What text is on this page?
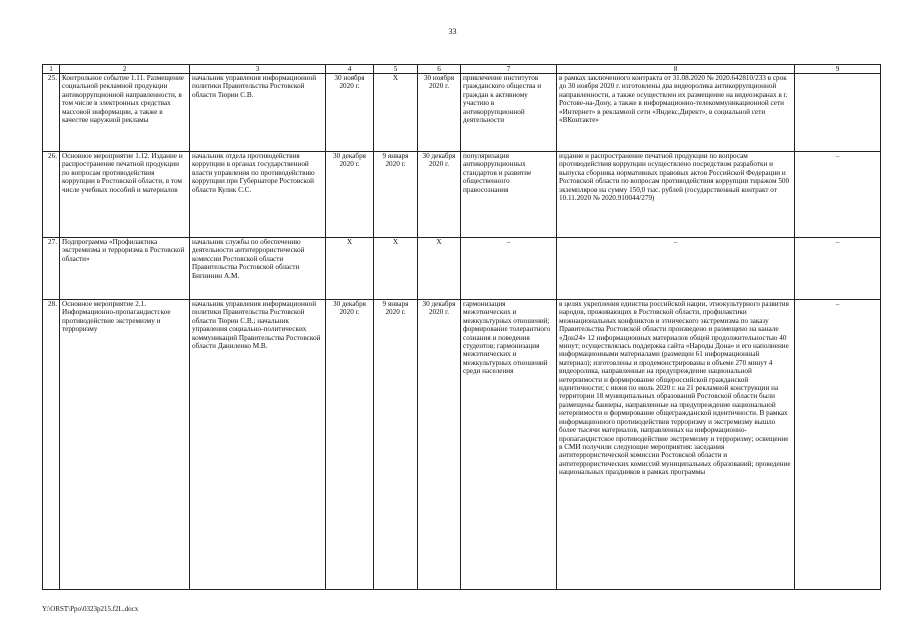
33
1	2	3	4	5	6	7	8	9
25.	Контрольное событие 1.11. Размещение социальной рекламной продукции антикоррупционной направленности, в том числе в электронных средствах массовой информации, а также в качестве наружной рекламы	начальник управления информационной политики Правительства Ростовской области Тюрин С.В.	30 ноября 2020 г.	X	30 ноября 2020 г.	привлечение институтов гражданского общества и граждан к активному участию в антикоррупционной деятельности	в рамках заключенного контракта от 31.08.2020 № 2020.642810/233 в срок до 30 ноября 2020 г. изготовлены два видеоролика антикоррупционной направленности, а также осуществлен их размещение на видеоэкранах в г. Ростове-на-Дону, а также в информационно-телекоммуникационной сети «Интернет» в рекламной сети «Яндекс.Директ», в социальной сети «ВКонтакте»	
26.	Основное мероприятие 1.12. Издание и распространение печатной продукции по вопросам противодействия коррупции в Ростовской области, в том числе учебных пособий и материалов	начальник отдела противодействия коррупции в органах государственной власти управления по противодействию коррупции при Губернаторе Ростовской области Кулик С.С.	30 декабря 2020 г.	9 января 2020 г.	30 декабря 2020 г.	популяризация антикоррупционных стандартов и развитие общественного правосознания	издание и распространение печатной продукции по вопросам противодействия коррупции осуществлено посредством разработки и выпуска сборника нормативных правовых актов Российской Федерации и Ростовской области по вопросам противодействия коррупции тиражом 500 экземпляров на сумму 150,0 тыс. рублей (государственный контракт от 10.11.2020 № 2020.910044/279)	–
27.	Подпрограмма «Профилактика экстремизма и терроризма в Ростовской области»	начальник службы по обеспечению деятельности антитеррористической комиссии Ростовской области Правительства Ростовской области Бигнинин А.М.	X	X	X	–	–	–
28.	Основное мероприятие 2.1. Информационно-пропагандистское противодействие экстремизму и терроризму	начальник управления информационной политики Правительства Ростовской области Тюрин С.В.; начальник управления социально-политических коммуникаций Правительства Ростовской области Даниленко М.В.	30 декабря 2020 г.	9 января 2020 г.	30 декабря 2020 г.	гармонизация межэтнических и межкультурных отношений; формирование толерантного сознания и поведения студентов; гармонизация межэтнических и межкультурных отношений среди населения	в целях укрепления единства российской нации, этнокультурного развития народов, проживающих в Ростовской области, профилактики межнациональных конфликтов и этнического экстремизма по заказу Правительства Ростовской области произведено и размещено на канале «Дон24» 12 информационных материалов общей продолжительностью 40 минут; осуществлялась поддержка сайта «Народы Дона» и его наполнение информационными материалами (размещен 61 информационный материал); изготовлены и продемонстрированы в объеме 270 минут 4 видеоролика, направленные на предупреждение национальной нетерпимости и формирование общероссийской гражданской идентичности; с июня по июль 2020 г. на 21 рекламной конструкции на территории 18 муниципальных образований Ростовской области были размещены баннеры, направленные на предупреждение национальной нетерпимости и формирование общегражданской идентичности. В рамках информационного противодействия терроризму и экстремизму вышло более тысячи материалов, направленных на информационно-пропагандистское противодействие экстремизму и терроризму; освещение в СМИ получили следующие мероприятия: заседания антитеррористической комиссии Ростовской области и антитеррористических комиссий муниципальных образований; проведение национальных праздников в рамках программы	–
Y:\ORST\Ppo\0323p215.f2L.docx
